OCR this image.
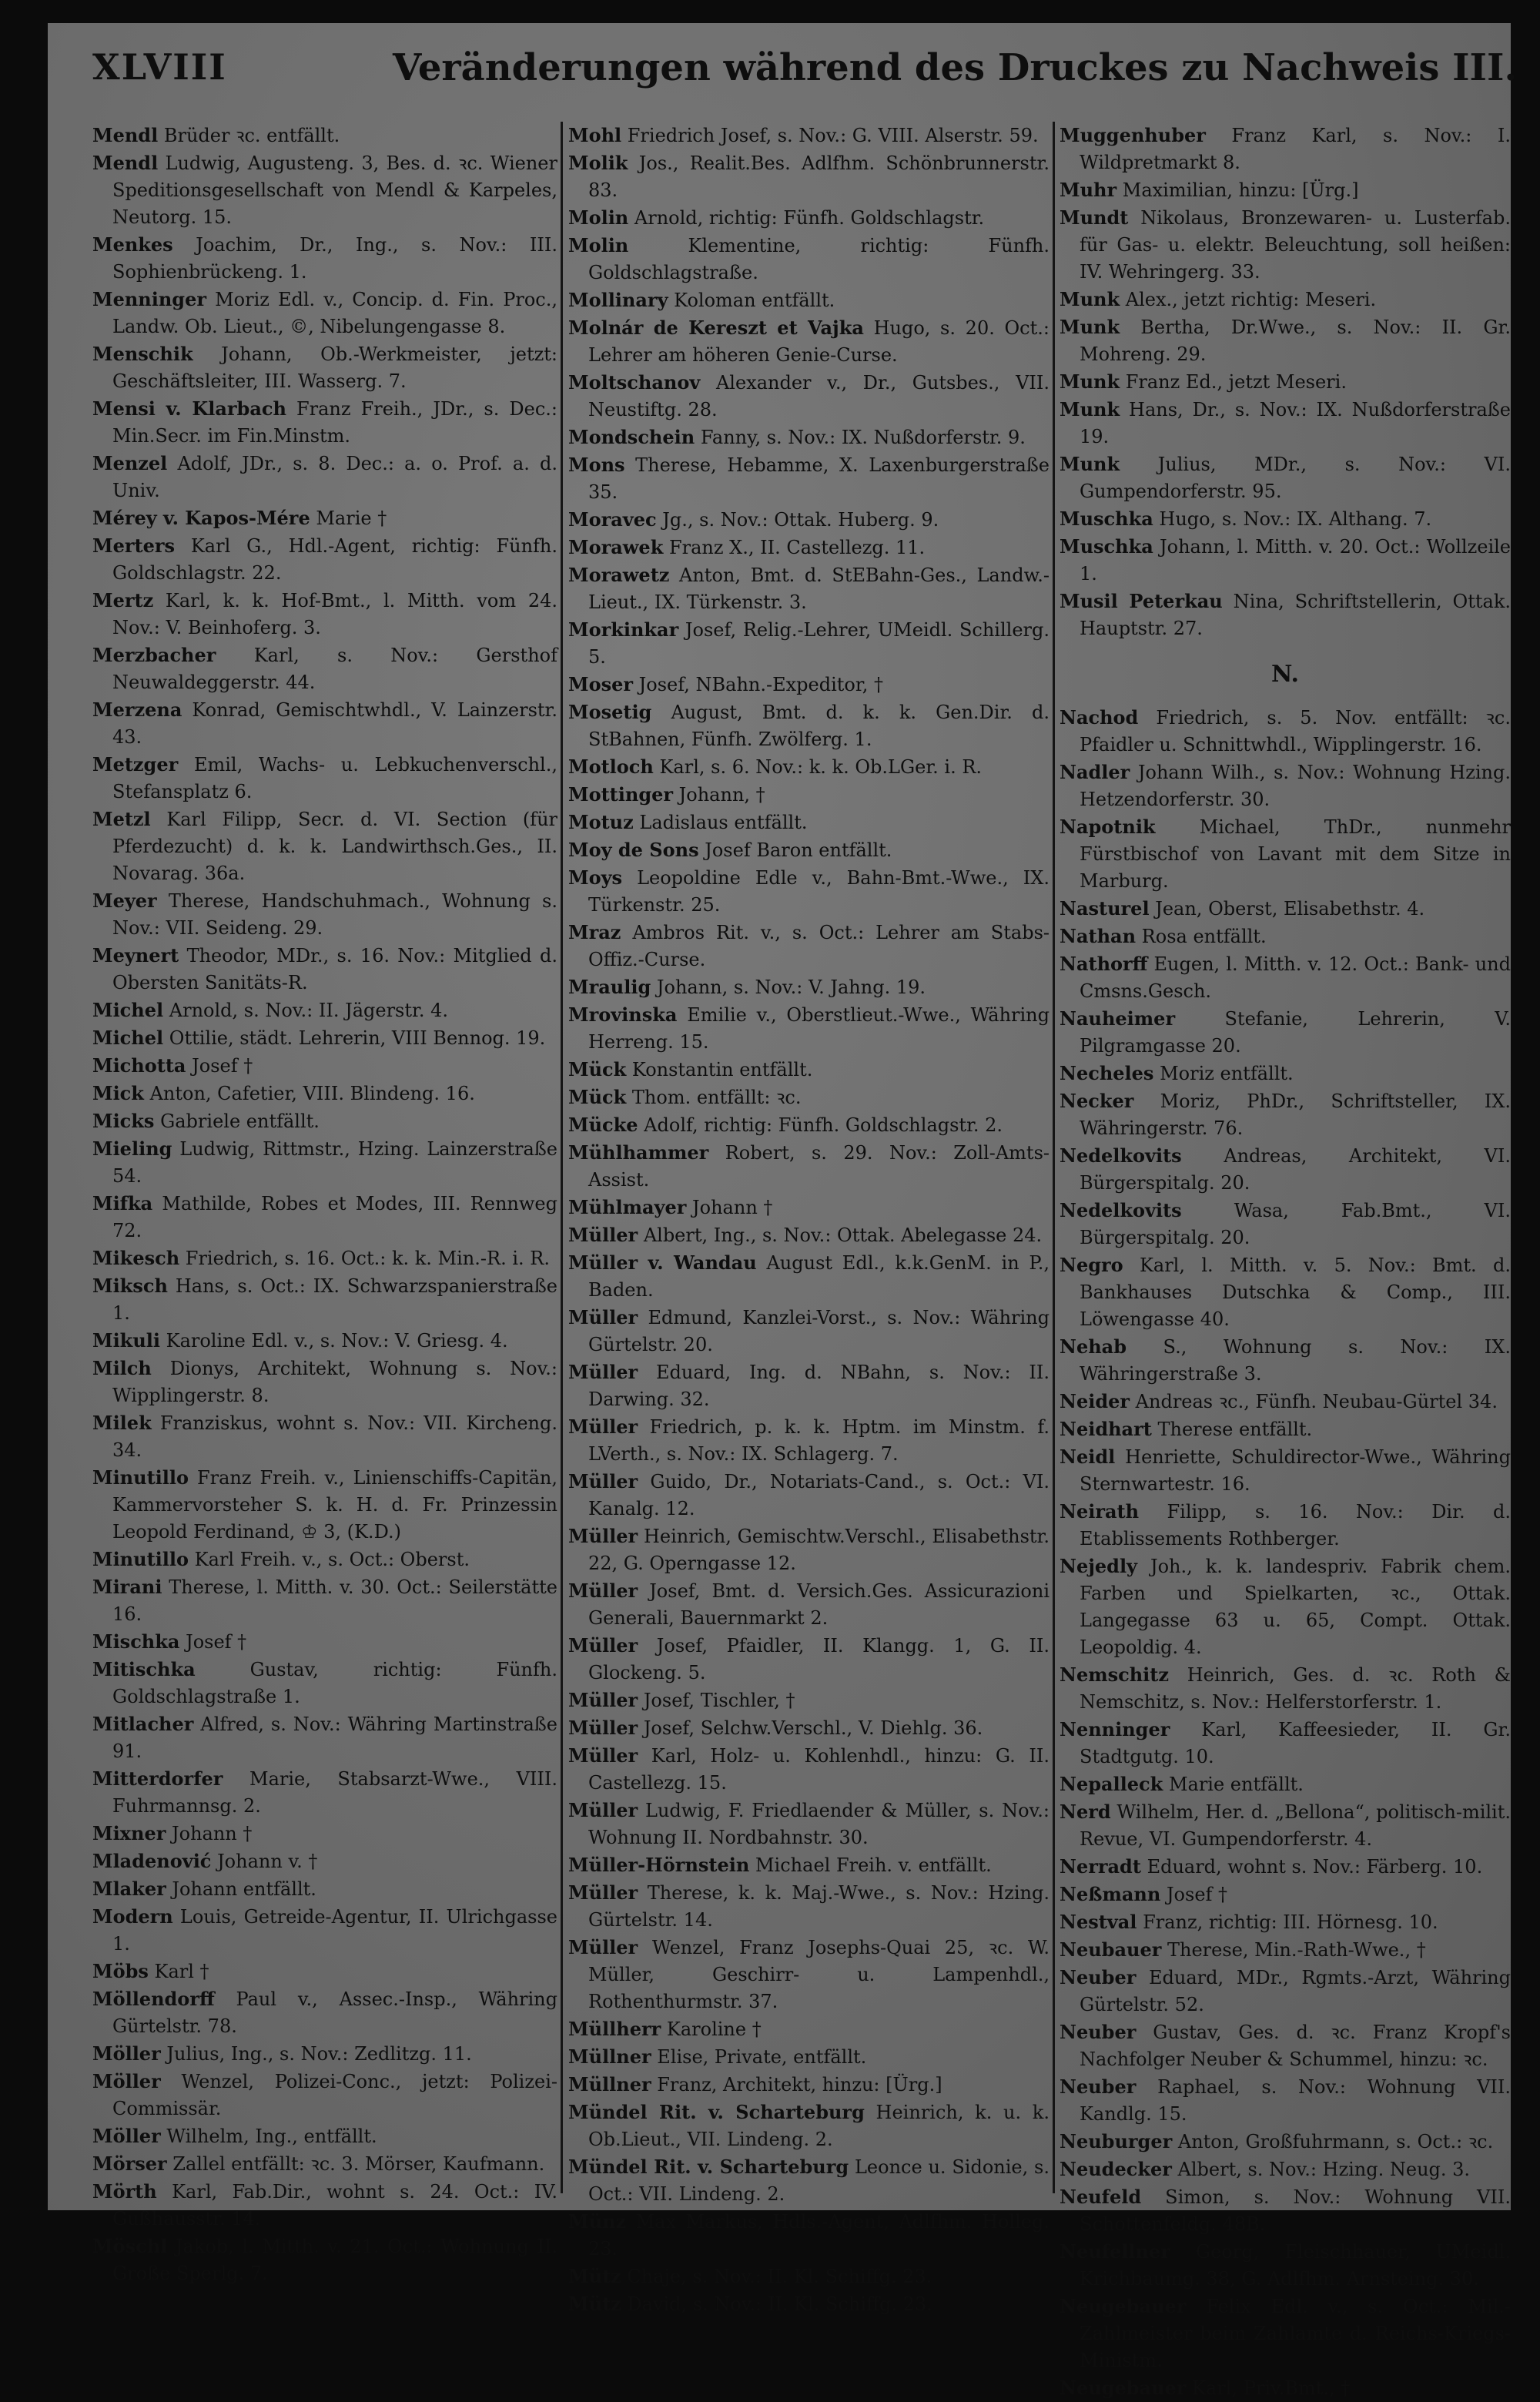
XLVIII	Veränderungen während des Druckes zu Nachweis III.

Mendl Brüder ꝛc. entfällt.

Mendl Ludwig, Augusteng. 3, Bes. d. ꝛc. Wiener Speditionsgesellschaft von Mendl & Karpeles, Neutorg. 15.

Menkes Joachim, Dr., Ing., s. Nov.: III. Sophienbrückeng. 1.

Menninger Moriz Edl. v., Concip. d. Fin. Proc., Landw. Ob. Lieut., ©, Nibelungengasse 8.

Menschik Johann, Ob.-Werkmeister, jetzt: Geschäftsleiter, III. Wasserg. 7.

Mensi v. Klarbach Franz Freih., JDr., s. Dec.: Min.Secr. im Fin.Minstm.

Menzel Adolf, JDr., s. 8. Dec.: a. o. Prof. a. d. Univ.

Mérey v. Kapos-Mére Marie †

Merters Karl G., Hdl.-Agent, richtig: Fünfh. Goldschlagstr. 22.

Mertz Karl, k. k. Hof-Bmt., l. Mitth. vom 24. Nov.: V. Beinhoferg. 3.

Merzbacher Karl, s. Nov.: Gersthof Neuwaldeggerstr. 44.

Merzena Konrad, Gemischtwhdl., V. Lainzerstr. 43.

Metzger Emil, Wachs- u. Lebkuchenverschl., Stefansplatz 6.

Metzl Karl Filipp, Secr. d. VI. Section (für Pferdezucht) d. k. k. Landwirthsch.Ges., II. Novarag. 36a.

Meyer Therese, Handschuhmach., Wohnung s. Nov.: VII. Seideng. 29.

Meynert Theodor, MDr., s. 16. Nov.: Mitglied d. Obersten Sanitäts-R.

Michel Arnold, s. Nov.: II. Jägerstr. 4.

Michel Ottilie, städt. Lehrerin, VIII Bennog. 19.

Michotta Josef †

Mick Anton, Cafetier, VIII. Blindeng. 16.

Micks Gabriele entfällt.

Mieling Ludwig, Rittmstr., Hzing. Lainzerstraße 54.

Mifka Mathilde, Robes et Modes, III. Rennweg 72.

Mikesch Friedrich, s. 16. Oct.: k. k. Min.-R. i. R.

Miksch Hans, s. Oct.: IX. Schwarzspanierstraße 1.

Mikuli Karoline Edl. v., s. Nov.: V. Griesg. 4.

Milch Dionys, Architekt, Wohnung s. Nov.: Wipplingerstr. 8.

Milek Franziskus, wohnt s. Nov.: VII. Kircheng. 34.

Minutillo Franz Freih. v., Linienschiffs-Capitän, Kammervorsteher S. k. H. d. Fr. Prinzessin Leopold Ferdinand, ♔ 3, (K.D.)

Minutillo Karl Freih. v., s. Oct.: Oberst.

Mirani Therese, l. Mitth. v. 30. Oct.: Seilerstätte 16.

Mischka Josef †

Mitischka	Gustav, richtig: Fünfh. Goldschlagstraße 1.

Mitlacher Alfred, s. Nov.: Währing Martinstraße 91.

Mitterdorfer Marie, Stabsarzt-Wwe., VIII. Fuhrmannsg. 2.

Mixner Johann †

Mladenović Johann v. †

Mlaker Johann entfällt.

Modern Louis, Getreide-Agentur, II. Ulrichgasse 1.

Möbs Karl †

Möllendorff Paul v., Assec.-Insp., Währing Gürtelstr. 78.

Möller Julius, Ing., s. Nov.: Zedlitzg. 11.

Möller Wenzel, Polizei-Conc., jetzt: Polizei-Commissär.

Möller Wilhelm, Ing., entfällt.

Mörser Zallel entfällt: ꝛc. 3. Mörser, Kaufmann.

Mörth Karl, Fab.Dir., wohnt s. 24. Oct.: IV. Gußhausstr. 14.

Möschl Jakob, l. Mitth. v. 21. Oct.: Wohnung II. Große Sperlg. 7.

Mohl Friedrich Josef, s. Nov.: G. VIII. Alserstr. 59.

Molik Jos., Realit.Bes. Adlfhm. Schönbrunnerstr. 83.

Molin Arnold, richtig: Fünfh. Goldschlagstr.

Molin	Klementine, richtig: Fünfh. Goldschlagstraße.

Mollinary Koloman entfällt.

Molnár de Kereszt et Vajka Hugo, s. 20. Oct.: Lehrer am höheren Genie-Curse.

Moltschanov Alexander v., Dr., Gutsbes., VII. Neustiftg. 28.

Mondschein Fanny, s. Nov.: IX. Nußdorferstr. 9.

Mons Therese, Hebamme, X. Laxenburgerstraße 35.

Moravec Jg., s. Nov.: Ottak. Huberg. 9.

Morawek Franz X., II. Castellezg. 11.

Morawetz Anton, Bmt. d. StEBahn-Ges., Landw.-Lieut., IX. Türkenstr. 3.

Morkinkar Josef, Relig.-Lehrer, UMeidl. Schillerg. 5.

Moser Josef, NBahn.-Expeditor, †

Mosetig August, Bmt. d. k. k. Gen.Dir. d. StBahnen, Fünfh. Zwölferg. 1.

Motloch Karl, s. 6. Nov.: k. k. Ob.LGer. i. R.

Mottinger Johann, †

Motuz Ladislaus entfällt.

Moy de Sons Josef Baron entfällt.

Moys Leopoldine Edle v., Bahn-Bmt.-Wwe., IX. Türkenstr. 25.

Mraz Ambros Rit. v., s. Oct.: Lehrer am Stabs-Offiz.-Curse.

Mraulig Johann, s. Nov.: V. Jahng. 19.

Mrovinska Emilie v., Oberstlieut.-Wwe., Währing Herreng. 15.

Mück Konstantin entfällt.

Mück Thom. entfällt: ꝛc.

Mücke Adolf, richtig: Fünfh. Goldschlagstr. 2.

Mühlhammer Robert, s. 29. Nov.: Zoll-Amts-Assist.

Mühlmayer Johann †

Müller Albert, Ing., s. Nov.: Ottak. Abelegasse 24.

Müller v. Wandau August Edl., k.k.GenM. in P., Baden.

Müller Edmund, Kanzlei-Vorst., s. Nov.: Währing Gürtelstr. 20.

Müller Eduard, Ing. d. NBahn, s. Nov.: II. Darwing. 32.

Müller Friedrich, p. k. k. Hptm. im Minstm. f. LVerth., s. Nov.: IX. Schlagerg. 7.

Müller Guido, Dr., Notariats-Cand., s. Oct.: VI. Kanalg. 12.

Müller Heinrich, Gemischtw.Verschl., Elisabethstr. 22, G. Operngasse 12.

Müller Josef, Bmt. d. Versich.Ges. Assicurazioni Generali, Bauernmarkt 2.

Müller Josef, Pfaidler, II. Klangg. 1, G. II. Glockeng. 5.

Müller Josef, Tischler, †

Müller Josef, Selchw.Verschl., V. Diehlg. 36.

Müller Karl, Holz- u. Kohlenhdl., hinzu: G. II. Castellezg. 15.

Müller Ludwig, F. Friedlaender & Müller, s. Nov.: Wohnung II. Nordbahnstr. 30.

Müller-Hörnstein Michael Freih. v. entfällt.

Müller Therese, k. k. Maj.-Wwe., s. Nov.: Hzing. Gürtelstr. 14.

Müller Wenzel, Franz Josephs-Quai 25, ꝛc. W. Müller, Geschirr- u. Lampenhdl., Rothenthurmstr. 37.

Müllherr Karoline †

Müllner Elise, Private, entfällt.

Müllner Franz, Architekt, hinzu: [Ürg.]

Mündel Rit. v. Scharteburg Heinrich, k. u. k. Ob.Lieut., VII. Lindeng. 2.

Mündel Rit. v. Scharteburg Leonce u. Sidonie, s. Oct.: VII. Lindeng. 2.

Münz Max Markus, Hdls.-Agent, Adlfhm. Holleg. 23.

Mütz Chaje, s. Nov.: II. Kl. Schiffg. 23.

Mütz David, s. Nov.: II. Kl. Schiffg. 23.

Muggenhuber Franz Karl, s. Nov.: I. Wildpretmarkt 8.

Muhr Maximilian, hinzu: [Ürg.]

Mundt Nikolaus, Bronzewaren- u. Lusterfab. für Gas- u. elektr. Beleuchtung, soll heißen: IV. Wehringerg. 33.

Munk Alex., jetzt richtig: Meseri.

Munk Bertha, Dr.Wwe., s. Nov.: II. Gr. Mohreng. 29.

Munk Franz Ed., jetzt Meseri.

Munk Hans, Dr., s. Nov.: IX. Nußdorferstraße 19.

Munk Julius, MDr., s. Nov.: VI. Gumpendorferstr. 95.

Muschka Hugo, s. Nov.: IX. Althang. 7.

Muschka Johann, l. Mitth. v. 20. Oct.: Wollzeile 1.

Musil Peterkau Nina, Schriftstellerin, Ottak. Hauptstr. 27.

N.

Nachod Friedrich, s. 5. Nov. entfällt: ꝛc. Pfaidler u. Schnittwhdl., Wipplingerstr. 16.

Nadler Johann Wilh., s. Nov.: Wohnung Hzing. Hetzendorferstr. 30.

Napotnik Michael, ThDr., nunmehr Fürstbischof von Lavant mit dem Sitze in Marburg.

Nasturel Jean, Oberst, Elisabethstr. 4.

Nathan Rosa entfällt.

Nathorff Eugen, l. Mitth. v. 12. Oct.: Bank- und Cmsns.Gesch.

Nauheimer	Stefanie, Lehrerin, V. Pilgramgasse 20.

Necheles Moriz entfällt.

Necker Moriz, PhDr., Schriftsteller, IX. Währingerstr. 76.

Nedelkovits Andreas, Architekt, VI. Bürgerspitalg. 20.

Nedelkovits	Wasa, Fab.Bmt., VI. Bürgerspitalg. 20.

Negro Karl, l. Mitth. v. 5. Nov.: Bmt. d. Bankhauses Dutschka & Comp., III. Löwengasse 40.

Nehab S., Wohnung s. Nov.: IX. Währingerstraße 3.

Neider Andreas ꝛc., Fünfh. Neubau-Gürtel 34.

Neidhart Therese entfällt.

Neidl Henriette, Schuldirector-Wwe., Währing Sternwartestr. 16.

Neirath Filipp, s. 16. Nov.: Dir. d. Etablissements Rothberger.

Nejedly Joh., k. k. landespriv. Fabrik chem. Farben und Spielkarten, ꝛc., Ottak. Langegasse 63 u. 65, Compt. Ottak. Leopoldig. 4.

Nemschitz Heinrich, Ges. d. ꝛc. Roth & Nemschitz, s. Nov.: Helferstorferstr. 1.

Nenninger Karl, Kaffeesieder, II. Gr. Stadtgutg. 10.

Nepalleck Marie entfällt.

Nerd Wilhelm, Her. d. „Bellona“, politisch-milit. Revue, VI. Gumpendorferstr. 4.

Nerradt Eduard, wohnt s. Nov.: Färberg. 10.

Neßmann Josef †

Nestval Franz, richtig: III. Hörnesg. 10.

Neubauer Therese, Min.-Rath-Wwe., †

Neuber Eduard, MDr., Rgmts.-Arzt, Währing Gürtelstr. 52.

Neuber Gustav, Ges. d. ꝛc. Franz Kropf's Nachfolger Neuber & Schummel, hinzu: ꝛc.

Neuber Raphael, s. Nov.: Wohnung VII. Kandlg. 15.

Neuburger Anton, Großfuhrmann, s. Oct.: ꝛc.

Neudecker Albert, s. Nov.: Hzing. Neug. 3.

Neufeld Simon, s. Nov.: Wohnung VII. Schottenfeldg. 48B.

Neufellner Georg, Fleischhauer, UMeidl. Krichbaumg. 38, G. Adlfhm. Arnsteing. 30.

Neugebauer Felix Edl. v., s. Oct.: Mil.-Zahlmeister beim Zahlamte d. Reichs-Kriegs-Ministm.

Neugebauer Karl, Priv.Bmt., †
